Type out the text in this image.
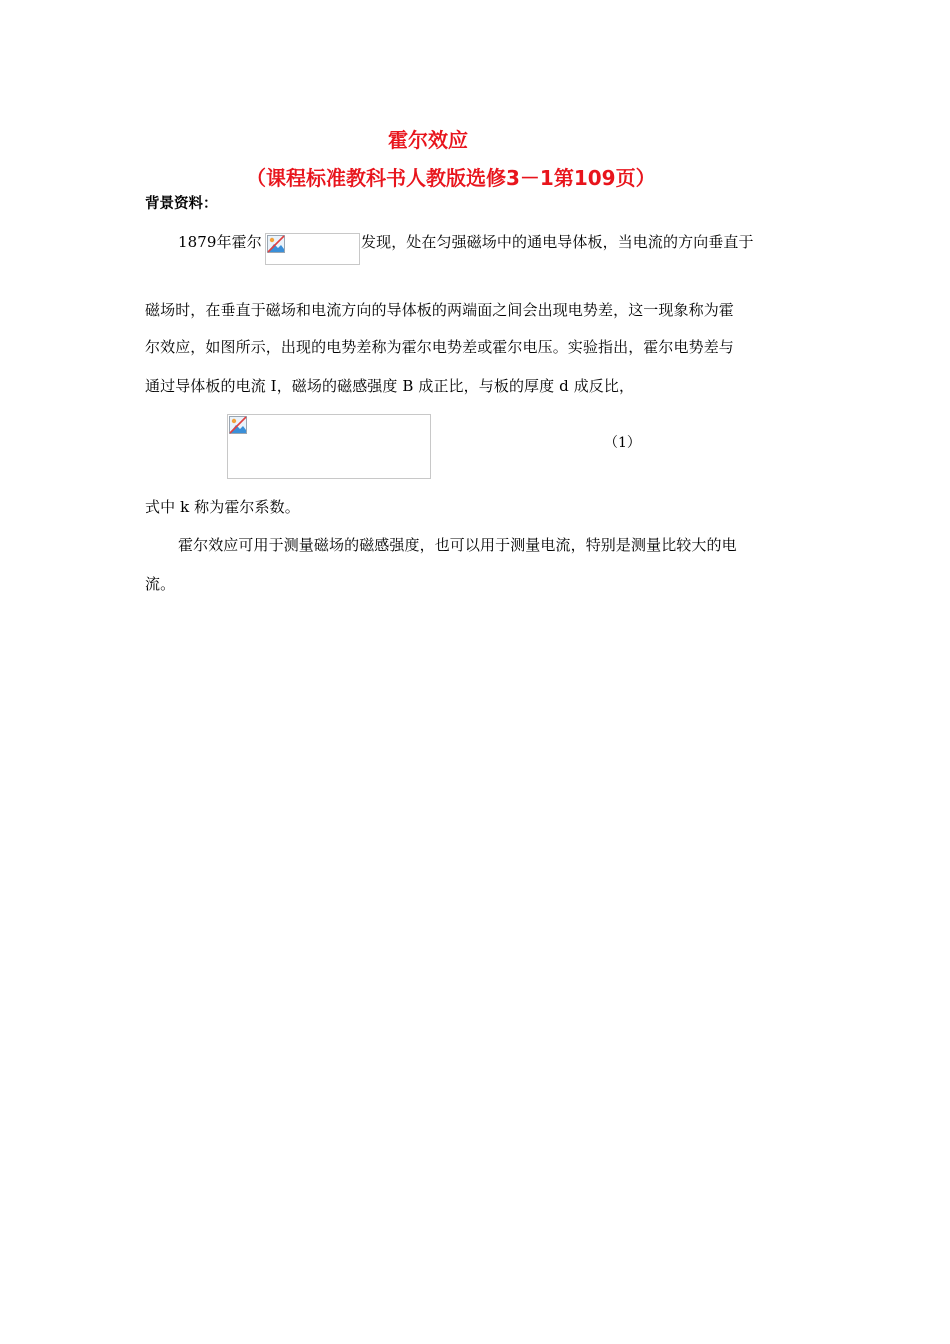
霍尔效应
（课程标准教科书人教版选修3－1第109页）
背景资料：
1879年霍尔	发现，处在匀强磁场中的通电导体板，当电流的方向垂直于
磁场时，在垂直于磁场和电流方向的导体板的两端面之间会出现电势差，这一现象称为霍
尔效应，如图所示，出现的电势差称为霍尔电势差或霍尔电压。实验指出，霍尔电势差与
通过导体板的电流 I，磁场的磁感强度 B 成正比，与板的厚度 d 成反比，
（1）
式中 k 称为霍尔系数。
霍尔效应可用于测量磁场的磁感强度，也可以用于测量电流，特别是测量比较大的电
流。
